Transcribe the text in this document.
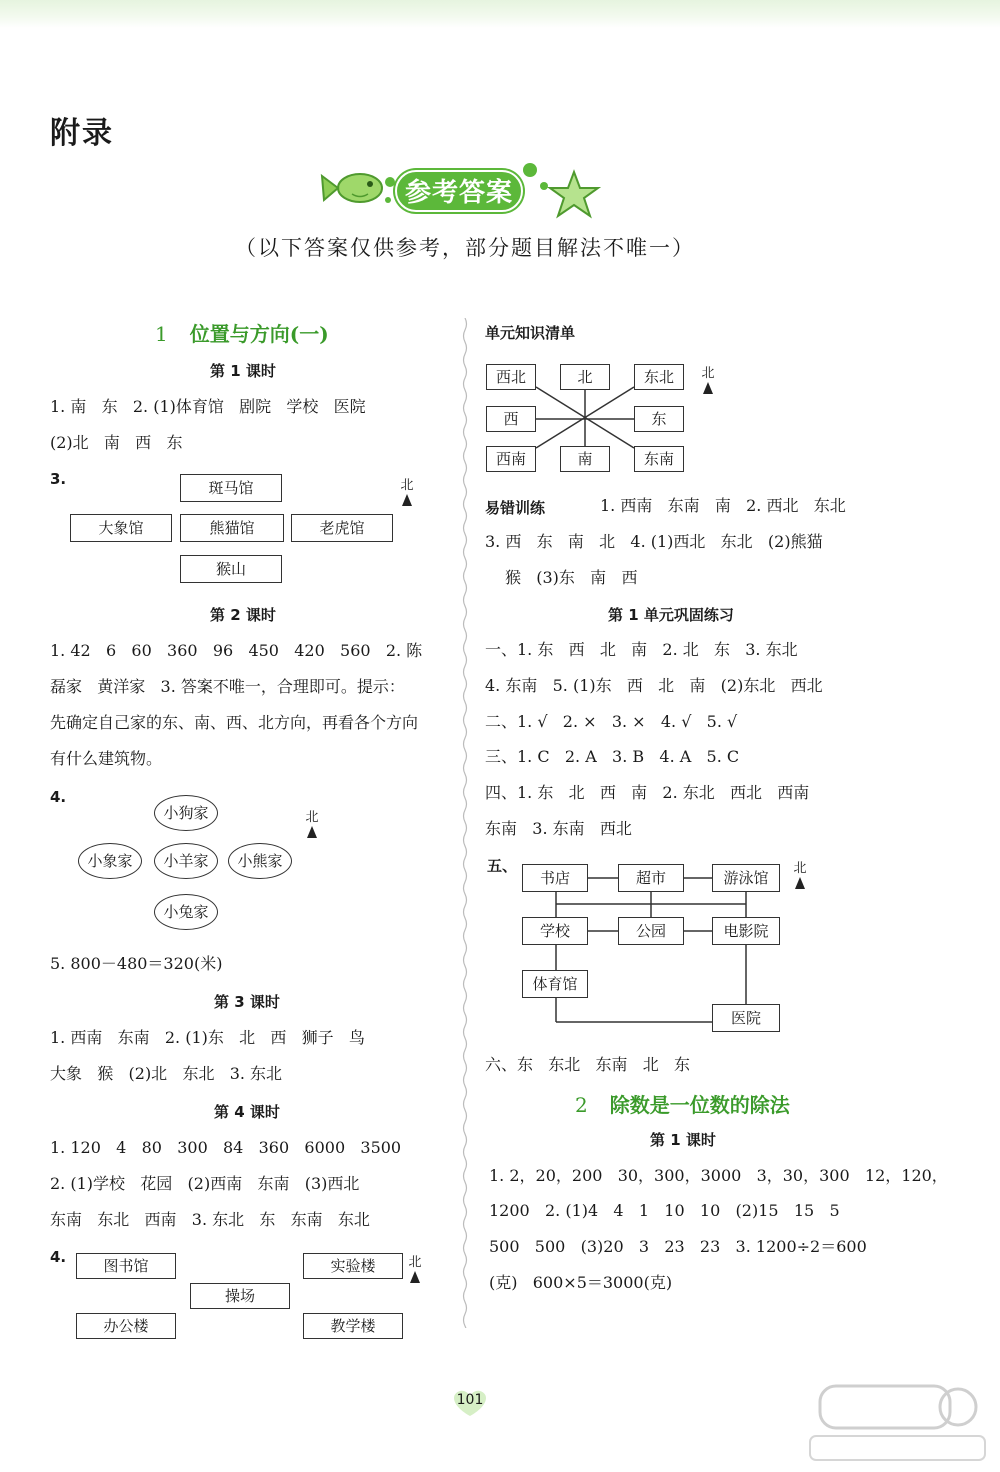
附录
参考答案
（以下答案仅供参考，部分题目解法不唯一）
1 位置与方向(一)
第 1 课时
1. 南   东   2. (1)体育馆   剧院   学校   医院
(2)北   南   西   东
3.	斑马馆
大象馆	熊猫馆	老虎馆
猴山
北
第 2 课时
1. 42   6   60   360   96   450   420   560   2. 陈
磊家   黄洋家   3. 答案不唯一，合理即可。提示：
先确定自己家的东、南、西、北方向，再看各个方向
有什么建筑物。
4.
小狗家
小象家	小羊家	小熊家
小兔家
北
5. 800－480＝320(米)
第 3 课时
1. 西南   东南   2. (1)东   北   西   狮子   鸟
大象   猴   (2)北   东北   3. 东北
第 4 课时
1. 120   4   80   300   84   360   6000   3500
2. (1)学校   花园   (2)西南   东南   (3)西北
东南   东北   西南   3. 东北   东   东南   东北
4.	图书馆	实验楼
操场
办公楼	教学楼
北
单元知识清单
西北	北	东北
西	东
西南	南	东南
北
易错训练	1. 西南   东南   南   2. 西北   东北
3. 西   东   南   北   4. (1)西北   东北   (2)熊猫
猴   (3)东   南   西
第 1 单元巩固练习
一、1. 东   西   北   南   2. 北   东   3. 东北
4. 东南   5. (1)东   西   北   南   (2)东北   西北
二、1. √   2. ×   3. ×   4. √   5. √
三、1. C   2. A   3. B   4. A   5. C
四、1. 东   北   西   南   2. 东北   西北   西南
东南   3. 东南   西北
五、
书店	超市	游泳馆
学校	公园	电影院
体育馆
医院
北
六、东   东北   东南   北   东
2 除数是一位数的除法
第 1 课时
1. 2，20，200   30，300，3000   3，30，300   12，120，
1200   2. (1)4   4   1   10   10   (2)15   15   5
500   500   (3)20   3   23   23   3. 1200÷2＝600
(克)   600×5＝3000(克)
101
